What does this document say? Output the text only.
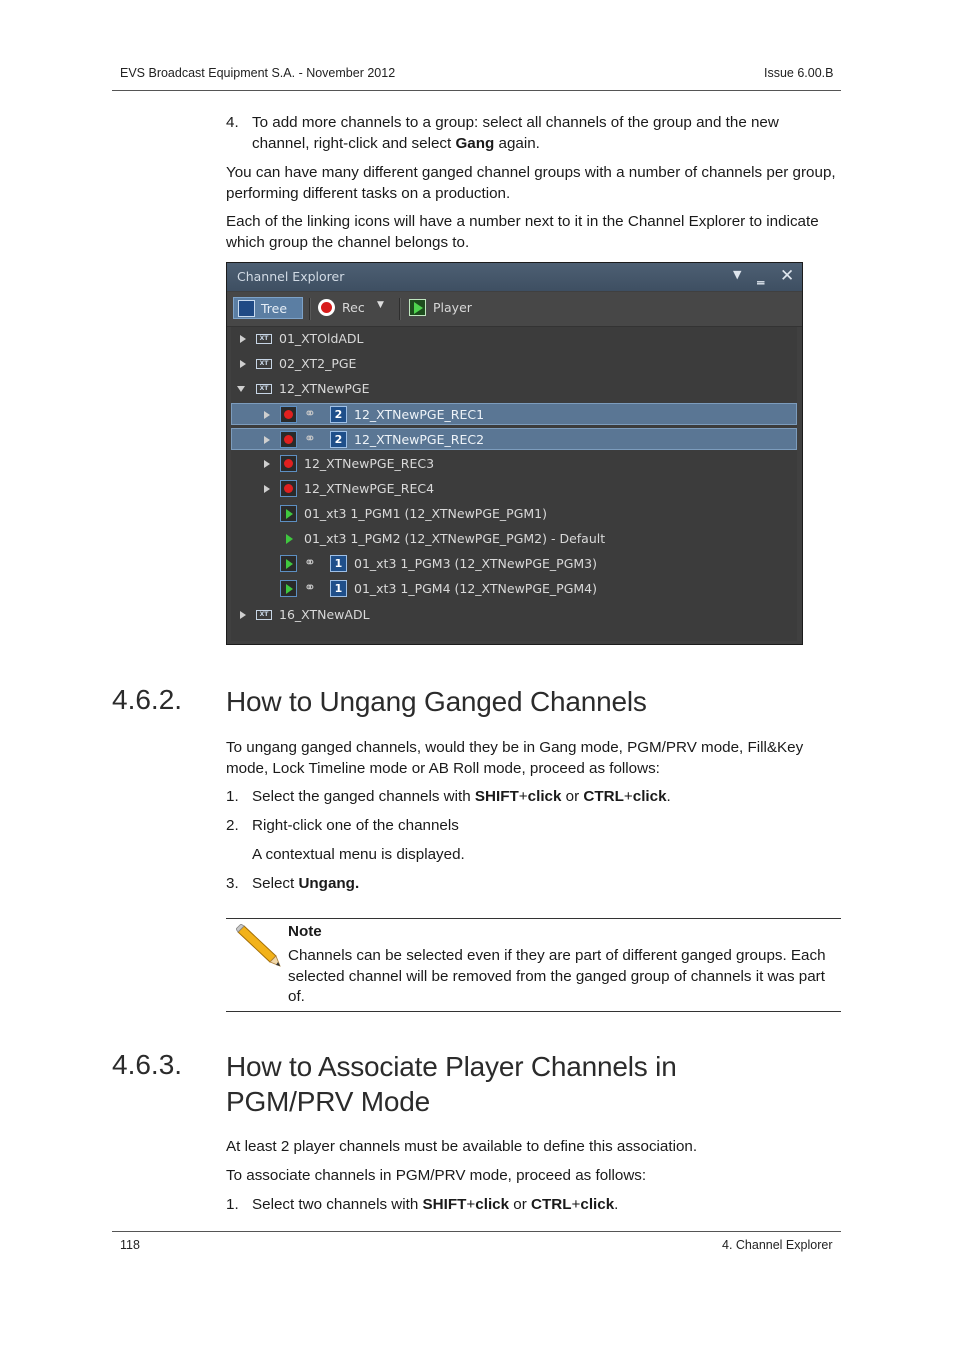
EVS Broadcast Equipment S.A. - November 2012	Issue 6.00.B
4. To add more channels to a group: select all channels of the group and the new
channel, right-click and select Gang again.
You can have many different ganged channel groups with a number of channels per group,
performing different tasks on a production.
Each of the linking icons will have a number next to it in the Channel Explorer to indicate
which group the channel belongs to.
Channel Explorer	▼ ‗ ✕
Tree	Rec ▼	Player
XT 01_XTOldADL
XT 02_XT2_PGE
XT 12_XTNewPGE
⚭	2 12_XTNewPGE_REC1
⚭	2 12_XTNewPGE_REC2
12_XTNewPGE_REC3
12_XTNewPGE_REC4
01_xt3 1_PGM1 (12_XTNewPGE_PGM1)
01_xt3 1_PGM2 (12_XTNewPGE_PGM2) - Default
⚭	1 01_xt3 1_PGM3 (12_XTNewPGE_PGM3)
⚭	1 01_xt3 1_PGM4 (12_XTNewPGE_PGM4)
XT 16_XTNewADL
4.6.2. How to Ungang Ganged Channels
To ungang ganged channels, would they be in Gang mode, PGM/PRV mode, Fill&Key
mode, Lock Timeline mode or AB Roll mode, proceed as follows:
1. Select the ganged channels with SHIFT+click or CTRL+click.
2. Right-click one of the channels
A contextual menu is displayed.
3. Select Ungang.
Note
Channels can be selected even if they are part of different ganged groups. Each
selected channel will be removed from the ganged group of channels it was part
of.
4.6.3. How to Associate Player Channels in
PGM/PRV Mode
At least 2 player channels must be available to define this association.
To associate channels in PGM/PRV mode, proceed as follows:
1. Select two channels with SHIFT+click or CTRL+click.
118	4. Channel Explorer
